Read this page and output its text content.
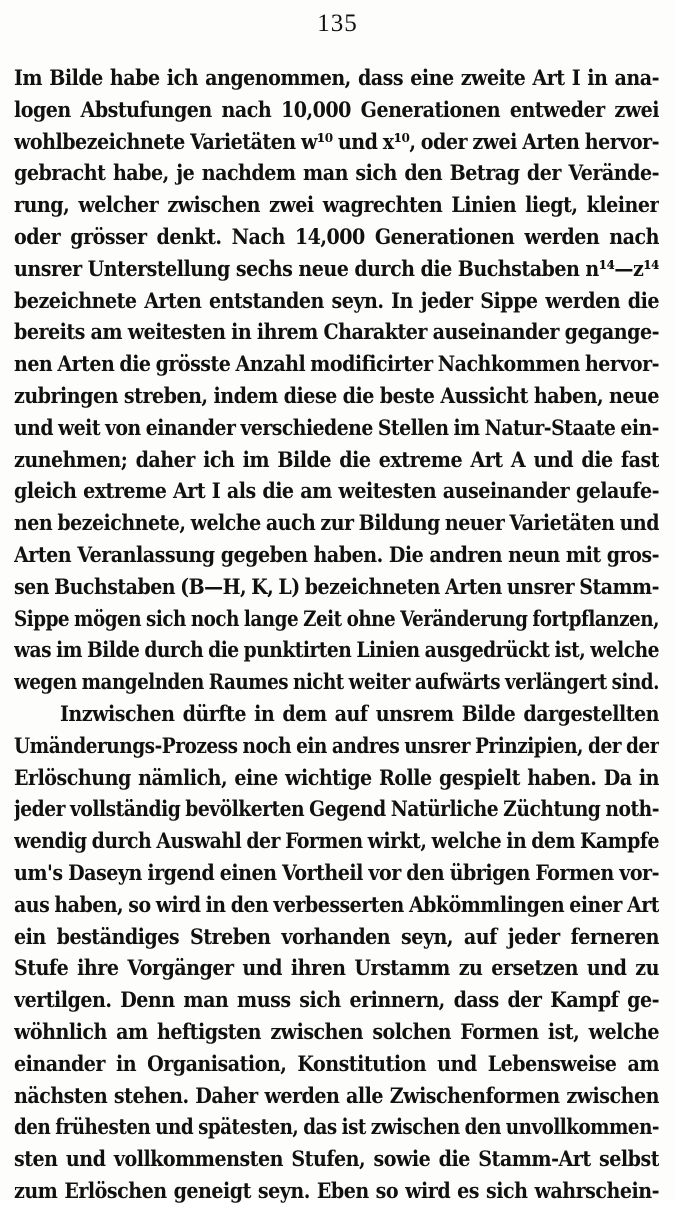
135
Im Bilde habe ich angenommen, dass eine zweite Art I in ana-
logen Abstufungen nach 10,000 Generationen entweder zwei
wohlbezeichnete Varietäten w¹⁰ und x¹⁰, oder zwei Arten hervor-
gebracht habe, je nachdem man sich den Betrag der Verände-
rung, welcher zwischen zwei wagrechten Linien liegt, kleiner
oder grösser denkt. Nach 14,000 Generationen werden nach
unsrer Unterstellung sechs neue durch die Buchstaben n¹⁴—z¹⁴
bezeichnete Arten entstanden seyn. In jeder Sippe werden die
bereits am weitesten in ihrem Charakter auseinander gegange-
nen Arten die grösste Anzahl modificirter Nachkommen hervor-
zubringen streben, indem diese die beste Aussicht haben, neue
und weit von einander verschiedene Stellen im Natur-Staate ein-
zunehmen; daher ich im Bilde die extreme Art A und die fast
gleich extreme Art I als die am weitesten auseinander gelaufe-
nen bezeichnete, welche auch zur Bildung neuer Varietäten und
Arten Veranlassung gegeben haben. Die andren neun mit gros-
sen Buchstaben (B—H, K, L) bezeichneten Arten unsrer Stamm-
Sippe mögen sich noch lange Zeit ohne Veränderung fortpflanzen,
was im Bilde durch die punktirten Linien ausgedrückt ist, welche
wegen mangelnden Raumes nicht weiter aufwärts verlängert sind.
Inzwischen dürfte in dem auf unsrem Bilde dargestellten
Umänderungs-Prozess noch ein andres unsrer Prinzipien, der der
Erlöschung nämlich, eine wichtige Rolle gespielt haben. Da in
jeder vollständig bevölkerten Gegend Natürliche Züchtung noth-
wendig durch Auswahl der Formen wirkt, welche in dem Kampfe
um's Daseyn irgend einen Vortheil vor den übrigen Formen vor-
aus haben, so wird in den verbesserten Abkömmlingen einer Art
ein beständiges Streben vorhanden seyn, auf jeder ferneren
Stufe ihre Vorgänger und ihren Urstamm zu ersetzen und zu
vertilgen. Denn man muss sich erinnern, dass der Kampf ge-
wöhnlich am heftigsten zwischen solchen Formen ist, welche
einander in Organisation, Konstitution und Lebensweise am
nächsten stehen. Daher werden alle Zwischenformen zwischen
den frühesten und spätesten, das ist zwischen den unvollkommen-
sten und vollkommensten Stufen, sowie die Stamm-Art selbst
zum Erlöschen geneigt seyn. Eben so wird es sich wahrschein-
